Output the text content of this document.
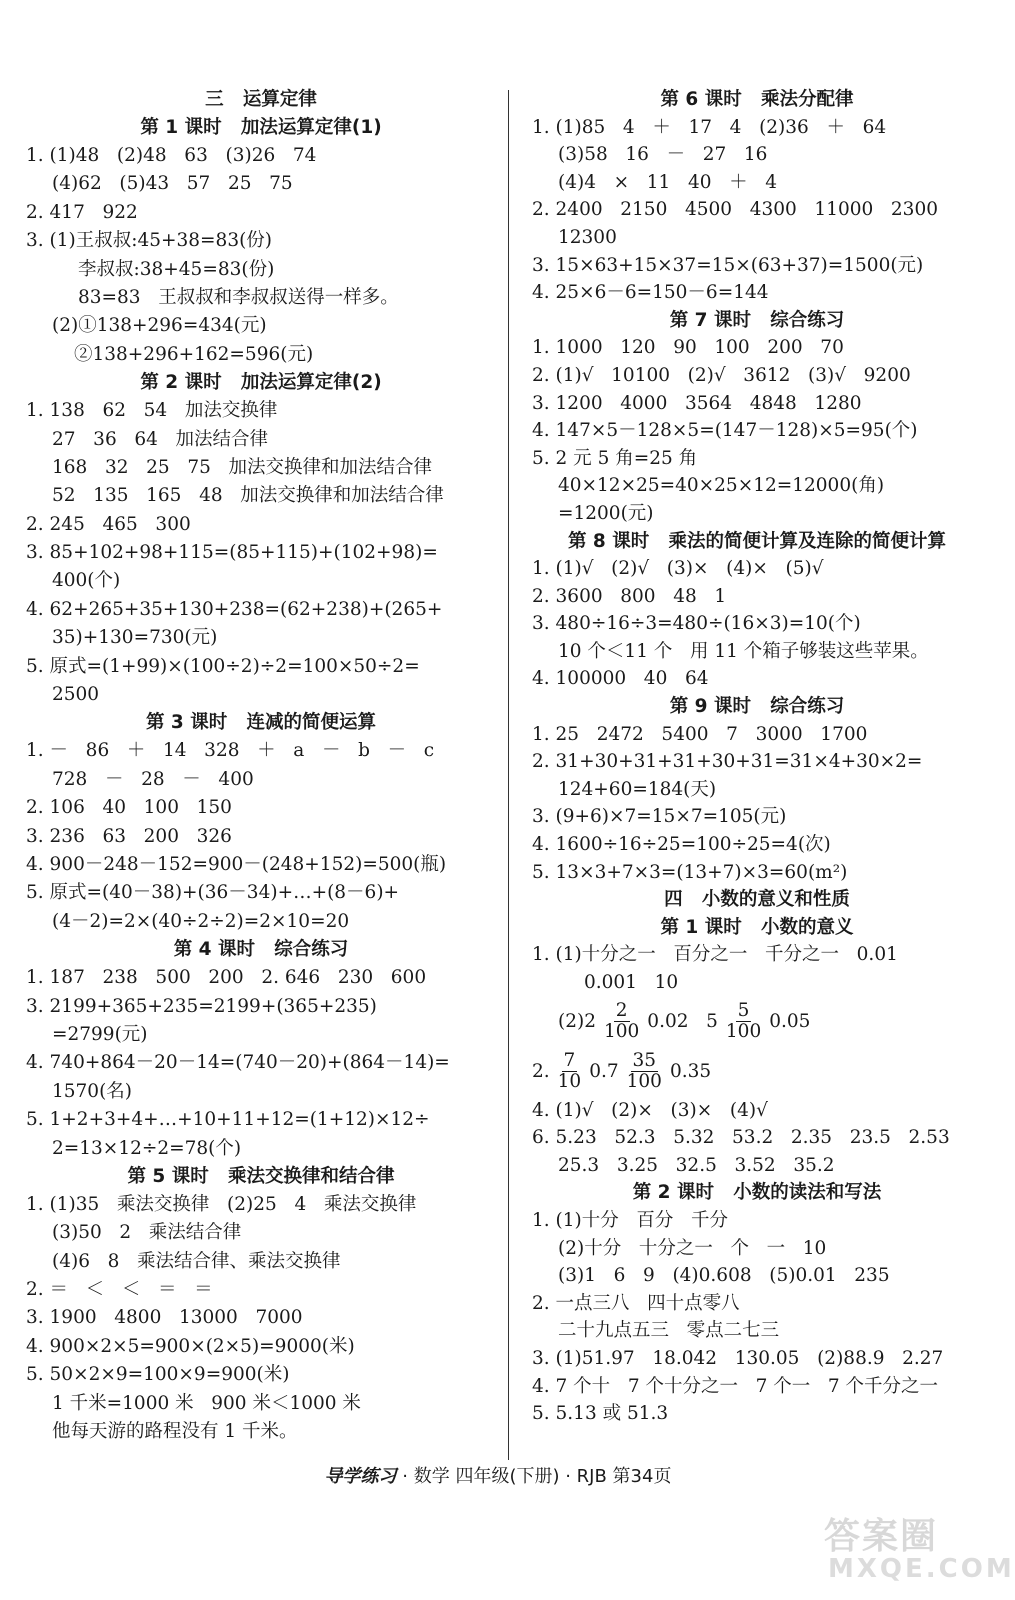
三   运算定律
第 1 课时   加法运算定律(1)
1. (1)48   (2)48   63   (3)26   74
(4)62   (5)43   57   25   75
2. 417   922
3. (1)王叔叔:45+38=83(份)
李叔叔:38+45=83(份)
83=83   王叔叔和李叔叔送得一样多。
(2)①138+296=434(元)
②138+296+162=596(元)
第 2 课时   加法运算定律(2)
1. 138   62   54   加法交换律
27   36   64   加法结合律
168   32   25   75   加法交换律和加法结合律
52   135   165   48   加法交换律和加法结合律
2. 245   465   300
3. 85+102+98+115=(85+115)+(102+98)=
400(个)
4. 62+265+35+130+238=(62+238)+(265+
35)+130=730(元)
5. 原式=(1+99)×(100÷2)÷2=100×50÷2=
2500
第 3 课时   连减的简便运算
1. －   86   ＋   14   328   ＋   a   －   b   －   c
728   －   28   －   400
2. 106   40   100   150
3. 236   63   200   326
4. 900－248－152=900－(248+152)=500(瓶)
5. 原式=(40－38)+(36－34)+…+(8－6)+
(4－2)=2×(40÷2÷2)=2×10=20
第 4 课时   综合练习
1. 187   238   500   200   2. 646   230   600
3. 2199+365+235=2199+(365+235)
=2799(元)
4. 740+864－20－14=(740－20)+(864－14)=
1570(名)
5. 1+2+3+4+…+10+11+12=(1+12)×12÷
2=13×12÷2=78(个)
第 5 课时   乘法交换律和结合律
1. (1)35   乘法交换律   (2)25   4   乘法交换律
(3)50   2   乘法结合律
(4)6   8   乘法结合律、乘法交换律
2. ＝   ＜   ＜   ＝   ＝
3. 1900   4800   13000   7000
4. 900×2×5=900×(2×5)=9000(米)
5. 50×2×9=100×9=900(米)
1 千米=1000 米   900 米＜1000 米
他每天游的路程没有 1 千米。
第 6 课时   乘法分配律
1. (1)85   4   ＋   17   4   (2)36   ＋   64
(3)58   16   －   27   16
(4)4   ×   11   40   ＋   4
2. 2400   2150   4500   4300   11000   2300
12300
3. 15×63+15×37=15×(63+37)=1500(元)
4. 25×6－6=150－6=144
第 7 课时   综合练习
1. 1000   120   90   100   200   70
2. (1)√   10100   (2)√   3612   (3)√   9200
3. 1200   4000   3564   4848   1280
4. 147×5－128×5=(147－128)×5=95(个)
5. 2 元 5 角=25 角
40×12×25=40×25×12=12000(角)
=1200(元)
第 8 课时   乘法的简便计算及连除的简便计算
1. (1)√   (2)√   (3)×   (4)×   (5)√
2. 3600   800   48   1
3. 480÷16÷3=480÷(16×3)=10(个)
10 个＜11 个   用 11 个箱子够装这些苹果。
4. 100000   40   64
第 9 课时   综合练习
1. 25   2472   5400   7   3000   1700
2. 31+30+31+31+30+31=31×4+30×2=
124+60=184(天)
3. (9+6)×7=15×7=105(元)
4. 1600÷16÷25=100÷25=4(次)
5. 13×3+7×3=(13+7)×3=60(m²)
四   小数的意义和性质
第 1 课时   小数的意义
1. (1)十分之一   百分之一   千分之一   0.01
0.001   10
$(2)2 \frac{2}{100} 0.02$   $5 \frac{5}{100} 0.05$
2. $\frac{7}{10} 0.7 \frac{35}{100} 0.35$
4. (1)√   (2)×   (3)×   (4)√
6. 5.23   52.3   5.32   53.2   2.35   23.5   2.53
25.3   3.25   32.5   3.52   35.2
第 2 课时   小数的读法和写法
1. (1)十分   百分   千分
(2)十分   十分之一   个   一   10
(3)1   6   9   (4)0.608   (5)0.01   235
2. 一点三八   四十点零八
二十九点五三   零点二七三
3. (1)51.97   18.042   130.05   (2)88.9   2.27
4. 7 个十   7 个十分之一   7 个一   7 个千分之一
5. 5.13 或 51.3
导学练习 · 数学 四年级(下册) · RJB 第34页
答案圈
MXQE.COM
